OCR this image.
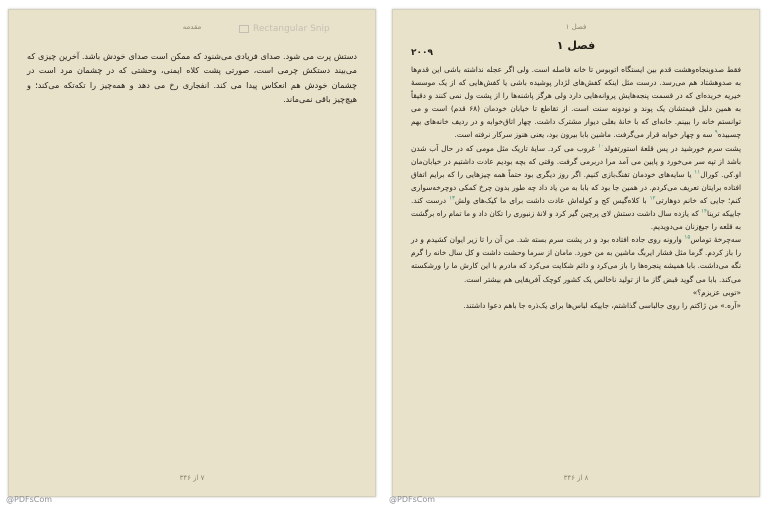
مقدمه	Rectangular Snip

دستش پرت می شود. صدای فریادی می‌شنود که ممکن است صدای خودش باشد. آخرین چیزی که می‌بیند دستکش چرمی است، صورتی پشت کلاه ایمنی، وحشتی که در چشمان مرد است در چشمان خودش هم انعکاس پیدا می کند. انفجاری رخ می دهد و همه‌چیز را تکه‌تکه می‌کند؛ و هیچ‌چیز باقی نمی‌ماند.

۷ از ۳۴۶
فصل ۱
فصل ۱
۲۰۰۹

فقط صدوپنجاه‌وهشت قدم بین ایستگاه اتوبوس تا خانه فاصله است. ولی اگر عجله نداشته باشی این قدم‌ها به صدوهشتاد هم می‌رسد. درست مثل اینکه کفش‌های لژدار پوشیده باشی یا کفش‌هایی که از یک موسسهٔ خیریه خریده‌ای که در قسمت پنجه‌هایش پروانه‌هایی دارد ولی هرگز پاشنه‌ها را از پشت ول نمی کنند و دقیقاً به همین دلیل قیمتشان یک پوند و نودونه سنت است. از تقاطع تا خیابان خودمان (۶۸ قدم) است و می توانستم خانه را ببینم. خانه‌ای که با خانهٔ بغلی دیوار مشترک داشت. چهار اتاق‌خوابه و در ردیف خانه‌های بهم چسبیده$^۹$ سه و چهار خوابه قرار می‌گرفت. ماشین بابا بیرون بود، یعنی هنوز سرکار نرفته است.

پشت سرم خورشید در پس قلعهٔ استورتفولد$^{۱۰}$ غروب می کرد. سایهٔ تاریک مثل مومی که در حال آب شدن باشد از تپه سر می‌خورد و پایین می آمد مرا دربرمی گرفت. وقتی که بچه بودیم عادت داشتیم در خیابان‌مان او.کی. کورال$^{۱۱}$ یا سایه‌های خودمان تفنگ‌بازی کنیم. اگر روز دیگری بود حتماً همه چیزهایی را که برایم اتفاق افتاده برایتان تعریف می‌کردم. در همین جا بود که بابا به من یاد داد چه طور بدون چرخ کمکی دوچرخه‌سواری کنم؛ جایی که خانم دوهارتی$^{۱۲}$ با کلاه‌گیس کج و کوله‌اش عادت داشت برای ما کیک‌های ولش$^{۱۳}$ درست کند. جاییکه ترینا$^{۱۴}$ که یازده سال داشت دستش لای پرچین گیر کرد و لانهٔ زنبوری را تکان داد و ما تمام راه برگشت به قلعه را جیغ‌زنان می‌دویدیم.

سه‌چرخهٔ توماس$^{۱۵}$ وارونه روی جاده افتاده بود و در پشت سرم بسته شد. من آن را تا زیر ایوان کشیدم و در را باز کردم. گرما مثل فشار ایربگ ماشین به من خورد. مامان از سرما وحشت داشت و کل سال خانه را گرم نگه می‌داشت. بابا همیشه پنجره‌ها را باز می‌کرد و دائم شکایت می‌کرد که مادرم با این کارش ما را ورشکسته می‌کند. بابا می گوید قبض گاز ما از تولید ناخالص یک کشور کوچک آفریقایی هم بیشتر است.

«توبی عزیزم؟»

«آره.» من ژاکتم را روی جالباسی گذاشتم، جاییکه لباس‌ها برای یک‌ذره جا باهم دعوا داشتند.

۸ از ۳۴۶
@PDFsCom	@PDFsCom
